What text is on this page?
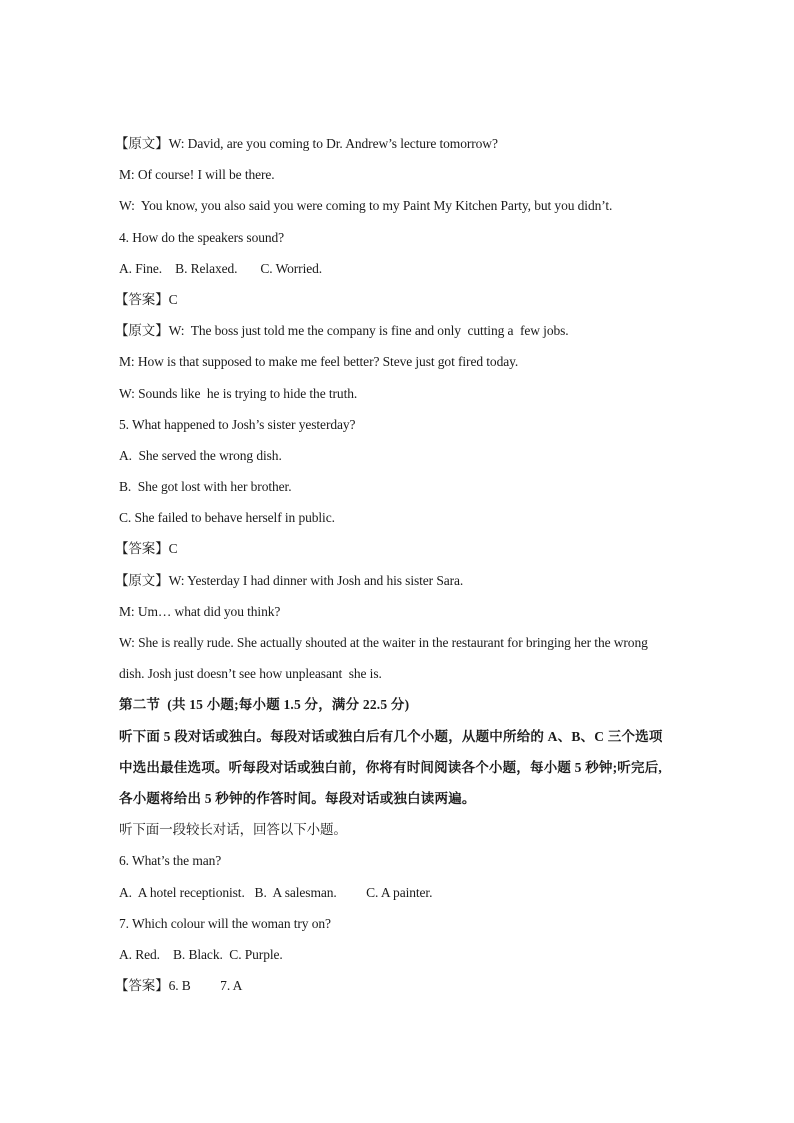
【原文】W: David, are you coming to Dr. Andrew’s lecture tomorrow?
M: Of course! I will be there.
W:  You know, you also said you were coming to my Paint My Kitchen Party, but you didn’t.
4. How do the speakers sound?
A. Fine.    B. Relaxed.       C. Worried.
【答案】C
【原文】W:  The boss just told me the company is fine and only  cutting a  few jobs.
M: How is that supposed to make me feel better? Steve just got fired today.
W: Sounds like  he is trying to hide the truth.
5. What happened to Josh’s sister yesterday?
A.  She served the wrong dish.
B.  She got lost with her brother.
C. She failed to behave herself in public.
【答案】C
【原文】W: Yesterday I had dinner with Josh and his sister Sara.
M: Um… what did you think?
W: She is really rude. She actually shouted at the waiter in the restaurant for bringing her the wrong
dish. Josh just doesn’t see how unpleasant  she is.
第二节  (共 15 小题;每小题 1.5 分，满分 22.5 分)
听下面 5 段对话或独白。每段对话或独白后有几个小题，从题中所给的 A、B、C 三个选项
中选出最佳选项。听每段对话或独白前，你将有时间阅读各个小题，每小题 5 秒钟;听完后,
各小题将给出 5 秒钟的作答时间。每段对话或独白读两遍。
听下面一段较长对话，回答以下小题。
6. What’s the man?
A.  A hotel receptionist.   B.  A salesman.         C. A painter.
7. Which colour will the woman try on?
A. Red.    B. Black.  C. Purple.
【答案】6. B         7. A
